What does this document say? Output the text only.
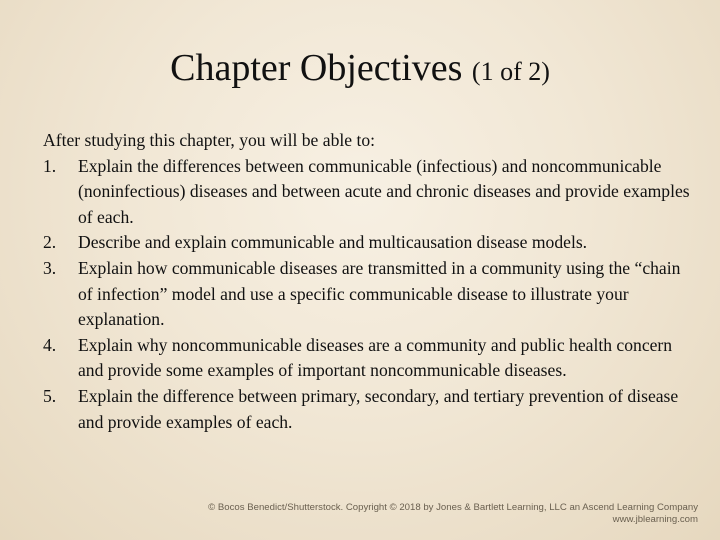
Chapter Objectives (1 of 2)

After studying this chapter, you will be able to:

1. Explain the differences between communicable (infectious) and noncommunicable (noninfectious) diseases and between acute and chronic diseases and provide examples of each.
2. Describe and explain communicable and multicausation disease models.
3. Explain how communicable diseases are transmitted in a community using the “chain of infection” model and use a specific communicable disease to illustrate your explanation.
4. Explain why noncommunicable diseases are a community and public health concern and provide some examples of important noncommunicable diseases.
5. Explain the difference between primary, secondary, and tertiary prevention of disease and provide examples of each.
© Bocos Benedict/Shutterstock. Copyright © 2018 by Jones & Bartlett Learning, LLC an Ascend Learning Company
www.jblearning.com
